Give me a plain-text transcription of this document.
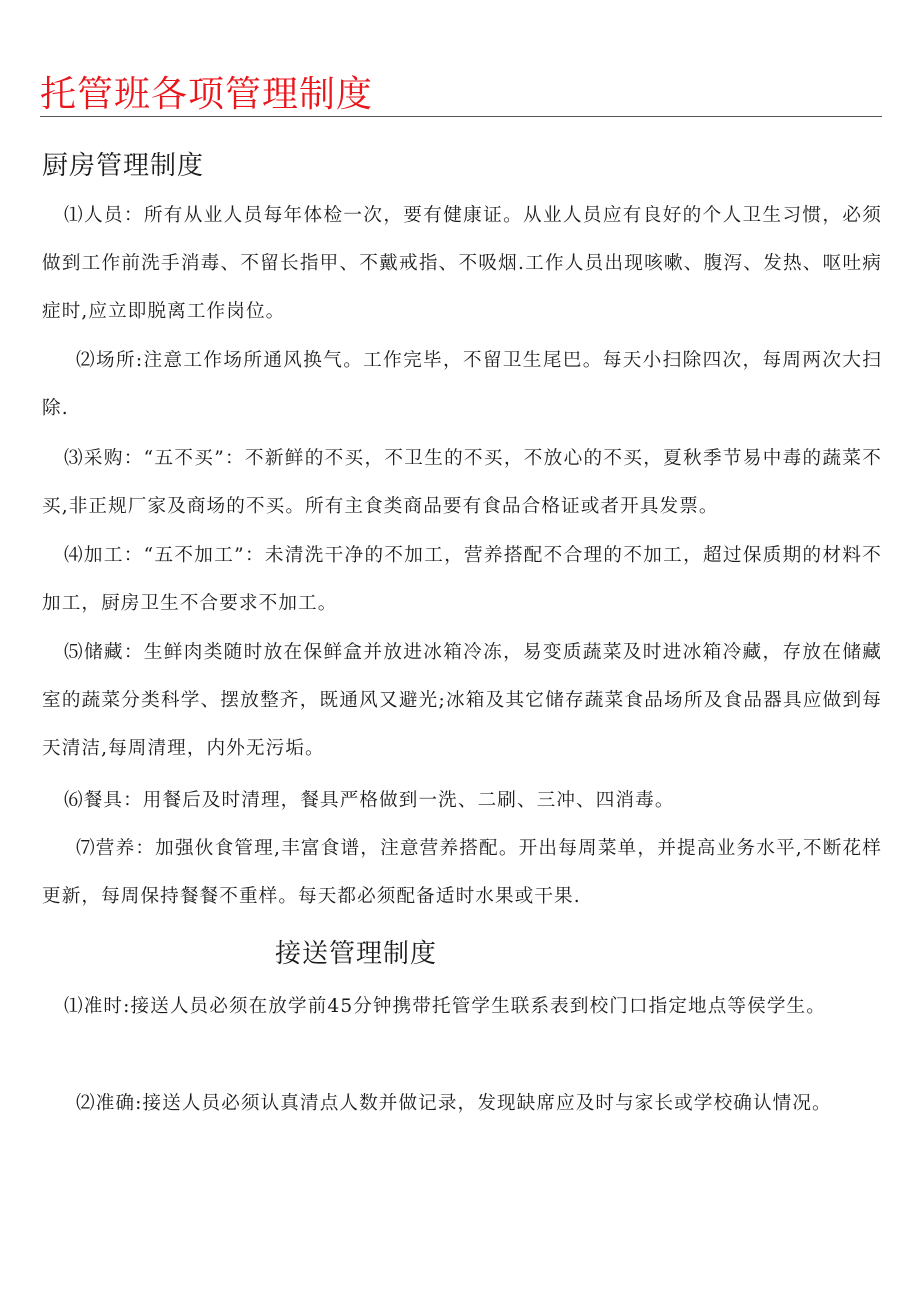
托管班各项管理制度
厨房管理制度

⑴人员：所有从业人员每年体检一次，要有健康证。从业人员应有良好的个人卫生习惯，必须做到工作前洗手消毒、不留长指甲、不戴戒指、不吸烟.工作人员出现咳嗽、腹泻、发热、呕吐病症时,应立即脱离工作岗位。

⑵场所:注意工作场所通风换气。工作完毕，不留卫生尾巴。每天小扫除四次，每周两次大扫除.

⑶采购：“五不买”：不新鲜的不买，不卫生的不买，不放心的不买，夏秋季节易中毒的蔬菜不买,非正规厂家及商场的不买。所有主食类商品要有食品合格证或者开具发票。

⑷加工：“五不加工”：未清洗干净的不加工，营养搭配不合理的不加工，超过保质期的材料不加工，厨房卫生不合要求不加工。

⑸储藏：生鲜肉类随时放在保鲜盒并放进冰箱冷冻，易变质蔬菜及时进冰箱冷藏，存放在储藏室的蔬菜分类科学、摆放整齐，既通风又避光;冰箱及其它储存蔬菜食品场所及食品器具应做到每天清洁,每周清理，内外无污垢。

⑹餐具：用餐后及时清理，餐具严格做到一洗、二刷、三冲、四消毒。

⑺营养：加强伙食管理,丰富食谱，注意营养搭配。开出每周菜单，并提高业务水平,不断花样更新，每周保持餐餐不重样。每天都必须配备适时水果或干果.

接送管理制度

⑴准时:接送人员必须在放学前45分钟携带托管学生联系表到校门口指定地点等侯学生。

⑵准确:接送人员必须认真清点人数并做记录，发现缺席应及时与家长或学校确认情况。
